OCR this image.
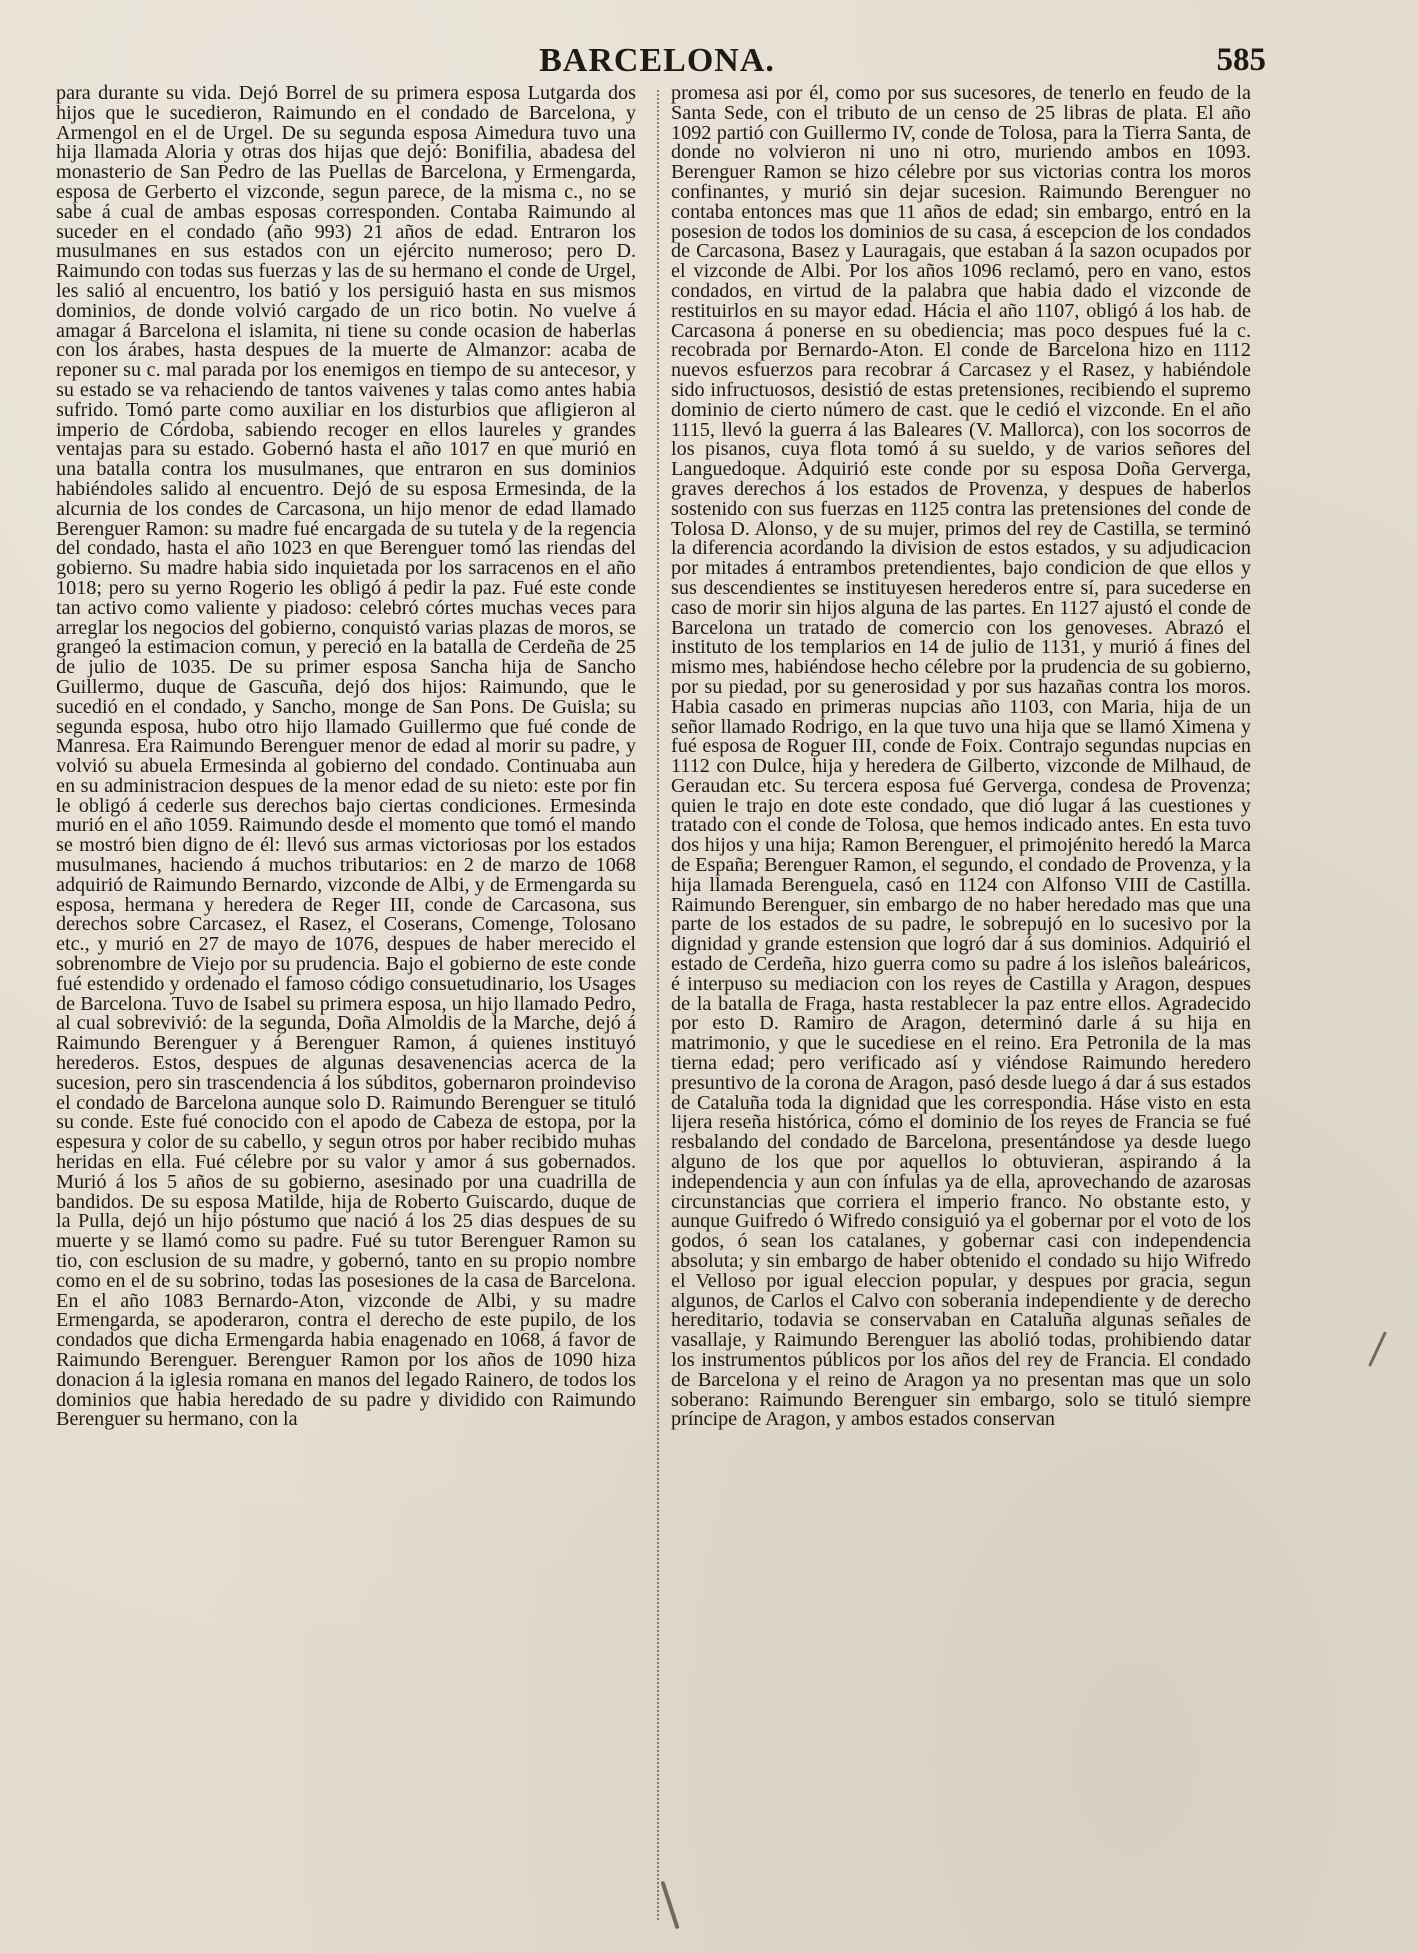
BARCELONA.	585

para durante su vida. Dejó Borrel de su primera esposa Lutgarda dos hijos que le sucedieron, Raimundo en el condado de Barcelona, y Armengol en el de Urgel. De su segunda esposa Aimedura tuvo una hija llamada Aloria y otras dos hijas que dejó: Bonifilia, abadesa del monasterio de San Pedro de las Puellas de Barcelona, y Ermengarda, esposa de Gerberto el vizconde, segun parece, de la misma c., no se sabe á cual de ambas esposas corresponden. Contaba Raimundo al suceder en el condado (año 993) 21 años de edad. Entraron los musulmanes en sus estados con un ejército numeroso; pero D. Raimundo con todas sus fuerzas y las de su hermano el conde de Urgel, les salió al encuentro, los batió y los persiguió hasta en sus mismos dominios, de donde volvió cargado de un rico botin. No vuelve á amagar á Barcelona el islamita, ni tiene su conde ocasion de haberlas con los árabes, hasta despues de la muerte de Almanzor: acaba de reponer su c. mal parada por los enemigos en tiempo de su antecesor, y su estado se va rehaciendo de tantos vaivenes y talas como antes habia sufrido. Tomó parte como auxiliar en los disturbios que afligieron al imperio de Córdoba, sabiendo recoger en ellos laureles y grandes ventajas para su estado. Gobernó hasta el año 1017 en que murió en una batalla contra los musulmanes, que entraron en sus dominios habiéndoles salido al encuentro. Dejó de su esposa Ermesinda, de la alcurnia de los condes de Carcasona, un hijo menor de edad llamado Berenguer Ramon: su madre fué encargada de su tutela y de la regencia del condado, hasta el año 1023 en que Berenguer tomó las riendas del gobierno. Su madre habia sido inquietada por los sarracenos en el año 1018; pero su yerno Rogerio les obligó á pedir la paz. Fué este conde tan activo como valiente y piadoso: celebró córtes muchas veces para arreglar los negocios del gobierno, conquistó varias plazas de moros, se grangeó la estimacion comun, y pereció en la batalla de Cerdeña de 25 de julio de 1035. De su primer esposa Sancha hija de Sancho Guillermo, duque de Gascuña, dejó dos hijos: Raimundo, que le sucedió en el condado, y Sancho, monge de San Pons. De Guisla; su segunda esposa, hubo otro hijo llamado Guillermo que fué conde de Manresa. Era Raimundo Berenguer menor de edad al morir su padre, y volvió su abuela Ermesinda al gobierno del condado. Continuaba aun en su administracion despues de la menor edad de su nieto: este por fin le obligó á cederle sus derechos bajo ciertas condiciones. Ermesinda murió en el año 1059. Raimundo desde el momento que tomó el mando se mostró bien digno de él: llevó sus armas victoriosas por los estados musulmanes, haciendo á muchos tributarios: en 2 de marzo de 1068 adquirió de Raimundo Bernardo, vizconde de Albi, y de Ermengarda su esposa, hermana y heredera de Reger III, conde de Carcasona, sus derechos sobre Carcasez, el Rasez, el Coserans, Comenge, Tolosano etc., y murió en 27 de mayo de 1076, despues de haber merecido el sobrenombre de Viejo por su prudencia. Bajo el gobierno de este conde fué estendido y ordenado el famoso código consuetudinario, los Usages de Barcelona. Tuvo de Isabel su primera esposa, un hijo llamado Pedro, al cual sobrevivió: de la segunda, Doña Almoldis de la Marche, dejó á Raimundo Berenguer y á Berenguer Ramon, á quienes instituyó herederos. Estos, despues de algunas desavenencias acerca de la sucesion, pero sin trascendencia á los súbditos, gobernaron proindeviso el condado de Barcelona aunque solo D. Raimundo Berenguer se tituló su conde. Este fué conocido con el apodo de Cabeza de estopa, por la espesura y color de su cabello, y segun otros por haber recibido muhas heridas en ella. Fué célebre por su valor y amor á sus gobernados. Murió á los 5 años de su gobierno, asesinado por una cuadrilla de bandidos. De su esposa Matilde, hija de Roberto Guiscardo, duque de la Pulla, dejó un hijo póstumo que nació á los 25 dias despues de su muerte y se llamó como su padre. Fué su tutor Berenguer Ramon su tio, con esclusion de su madre, y gobernó, tanto en su propio nombre como en el de su sobrino, todas las posesiones de la casa de Barcelona. En el año 1083 Bernardo-Aton, vizconde de Albi, y su madre Ermengarda, se apoderaron, contra el derecho de este pupilo, de los condados que dicha Ermengarda habia enagenado en 1068, á favor de Raimundo Berenguer. Berenguer Ramon por los años de 1090 hiza donacion á la iglesia romana en manos del legado Rainero, de todos los dominios que habia heredado de su padre y dividido con Raimundo Berenguer su hermano, con la

promesa asi por él, como por sus sucesores, de tenerlo en feudo de la Santa Sede, con el tributo de un censo de 25 libras de plata. El año 1092 partió con Guillermo IV, conde de Tolosa, para la Tierra Santa, de donde no volvieron ni uno ni otro, muriendo ambos en 1093. Berenguer Ramon se hizo célebre por sus victorias contra los moros confinantes, y murió sin dejar sucesion. Raimundo Berenguer no contaba entonces mas que 11 años de edad; sin embargo, entró en la posesion de todos los dominios de su casa, á escepcion de los condados de Carcasona, Basez y Lauragais, que estaban á la sazon ocupados por el vizconde de Albi. Por los años 1096 reclamó, pero en vano, estos condados, en virtud de la palabra que habia dado el vizconde de restituirlos en su mayor edad. Hácia el año 1107, obligó á los hab. de Carcasona á ponerse en su obediencia; mas poco despues fué la c. recobrada por Bernardo-Aton. El conde de Barcelona hizo en 1112 nuevos esfuerzos para recobrar á Carcasez y el Rasez, y habiéndole sido infructuosos, desistió de estas pretensiones, recibiendo el supremo dominio de cierto número de cast. que le cedió el vizconde. En el año 1115, llevó la guerra á las Baleares (V. Mallorca), con los socorros de los pisanos, cuya flota tomó á su sueldo, y de varios señores del Languedoque. Adquirió este conde por su esposa Doña Gerverga, graves derechos á los estados de Provenza, y despues de haberlos sostenido con sus fuerzas en 1125 contra las pretensiones del conde de Tolosa D. Alonso, y de su mujer, primos del rey de Castilla, se terminó la diferencia acordando la division de estos estados, y su adjudicacion por mitades á entrambos pretendientes, bajo condicion de que ellos y sus descendientes se instituyesen herederos entre sí, para sucederse en caso de morir sin hijos alguna de las partes. En 1127 ajustó el conde de Barcelona un tratado de comercio con los genoveses. Abrazó el instituto de los templarios en 14 de julio de 1131, y murió á fines del mismo mes, habiéndose hecho célebre por la prudencia de su gobierno, por su piedad, por su generosidad y por sus hazañas contra los moros. Habia casado en primeras nupcias año 1103, con Maria, hija de un señor llamado Rodrigo, en la que tuvo una hija que se llamó Ximena y fué esposa de Roguer III, conde de Foix. Contrajo segundas nupcias en 1112 con Dulce, hija y heredera de Gilberto, vizconde de Milhaud, de Geraudan etc. Su tercera esposa fué Gerverga, condesa de Provenza; quien le trajo en dote este condado, que dió lugar á las cuestiones y tratado con el conde de Tolosa, que hemos indicado antes. En esta tuvo dos hijos y una hija; Ramon Berenguer, el primojénito heredó la Marca de España; Berenguer Ramon, el segundo, el condado de Provenza, y la hija llamada Berenguela, casó en 1124 con Alfonso VIII de Castilla. Raimundo Berenguer, sin embargo de no haber heredado mas que una parte de los estados de su padre, le sobrepujó en lo sucesivo por la dignidad y grande estension que logró dar á sus dominios. Adquirió el estado de Cerdeña, hizo guerra como su padre á los isleños baleáricos, é interpuso su mediacion con los reyes de Castilla y Aragon, despues de la batalla de Fraga, hasta restablecer la paz entre ellos. Agradecido por esto D. Ramiro de Aragon, determinó darle á su hija en matrimonio, y que le sucediese en el reino. Era Petronila de la mas tierna edad; pero verificado así y viéndose Raimundo heredero presuntivo de la corona de Aragon, pasó desde luego á dar á sus estados de Cataluña toda la dignidad que les correspondia. Háse visto en esta lijera reseña histórica, cómo el dominio de los reyes de Francia se fué resbalando del condado de Barcelona, presentándose ya desde luego alguno de los que por aquellos lo obtuvieran, aspirando á la independencia y aun con ínfulas ya de ella, aprovechando de azarosas circunstancias que corriera el imperio franco. No obstante esto, y aunque Guifredo ó Wifredo consiguió ya el gobernar por el voto de los godos, ó sean los catalanes, y gobernar casi con independencia absoluta; y sin embargo de haber obtenido el condado su hijo Wifredo el Velloso por igual eleccion popular, y despues por gracia, segun algunos, de Carlos el Calvo con soberania independiente y de derecho hereditario, todavia se conservaban en Cataluña algunas señales de vasallaje, y Raimundo Berenguer las abolió todas, prohibiendo datar los instrumentos públicos por los años del rey de Francia. El condado de Barcelona y el reino de Aragon ya no presentan mas que un solo soberano: Raimundo Berenguer sin embargo, solo se tituló siempre príncipe de Aragon, y ambos estados conservan
